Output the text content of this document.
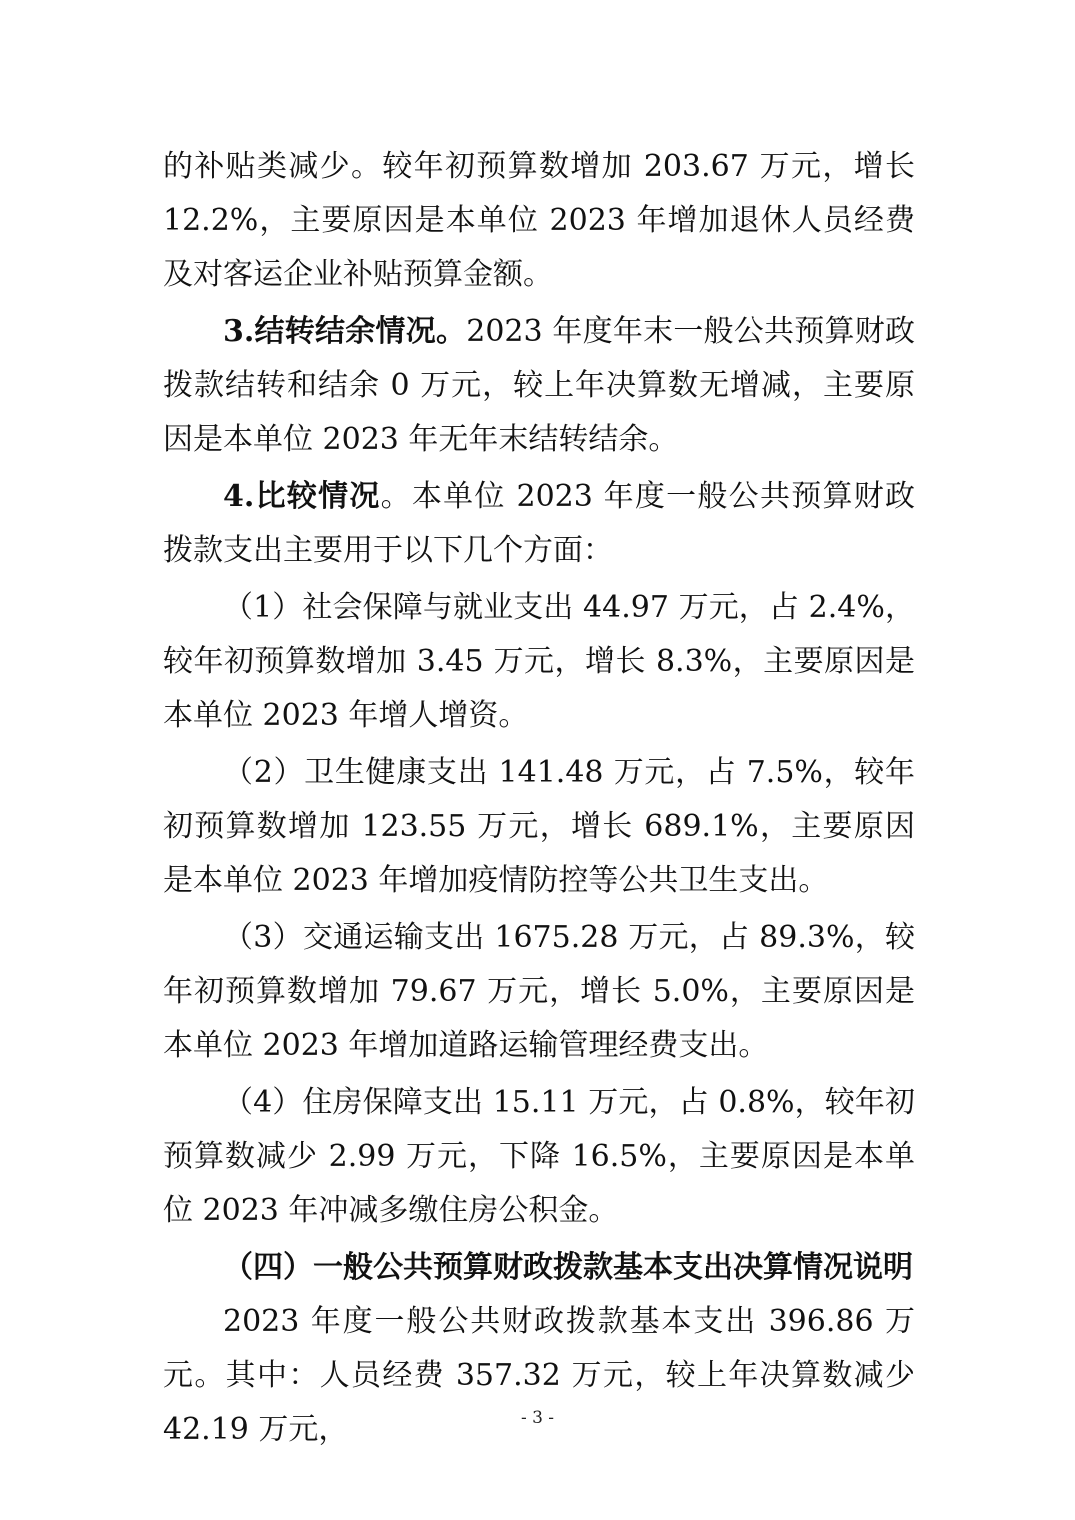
的补贴类减少。较年初预算数增加 203.67 万元，增长 12.2%，主要原因是本单位 2023 年增加退休人员经费及对客运企业补贴预算金额。

3.结转结余情况。2023 年度年末一般公共预算财政拨款结转和结余 0 万元，较上年决算数无增减，主要原因是本单位 2023 年无年末结转结余。

4.比较情况。本单位 2023 年度一般公共预算财政拨款支出主要用于以下几个方面：

（1）社会保障与就业支出 44.97 万元，占 2.4%，较年初预算数增加 3.45 万元，增长 8.3%，主要原因是本单位 2023 年增人增资。

（2）卫生健康支出 141.48 万元，占 7.5%，较年初预算数增加 123.55 万元，增长 689.1%，主要原因是本单位 2023 年增加疫情防控等公共卫生支出。

（3）交通运输支出 1675.28 万元，占 89.3%，较年初预算数增加 79.67 万元，增长 5.0%，主要原因是本单位 2023 年增加道路运输管理经费支出。

（4）住房保障支出 15.11 万元，占 0.8%，较年初预算数减少 2.99 万元，下降 16.5%，主要原因是本单位 2023 年冲减多缴住房公积金。

（四）一般公共预算财政拨款基本支出决算情况说明

2023 年度一般公共财政拨款基本支出 396.86 万元。其中：人员经费 357.32 万元，较上年决算数减少 42.19 万元，	- 3 -
